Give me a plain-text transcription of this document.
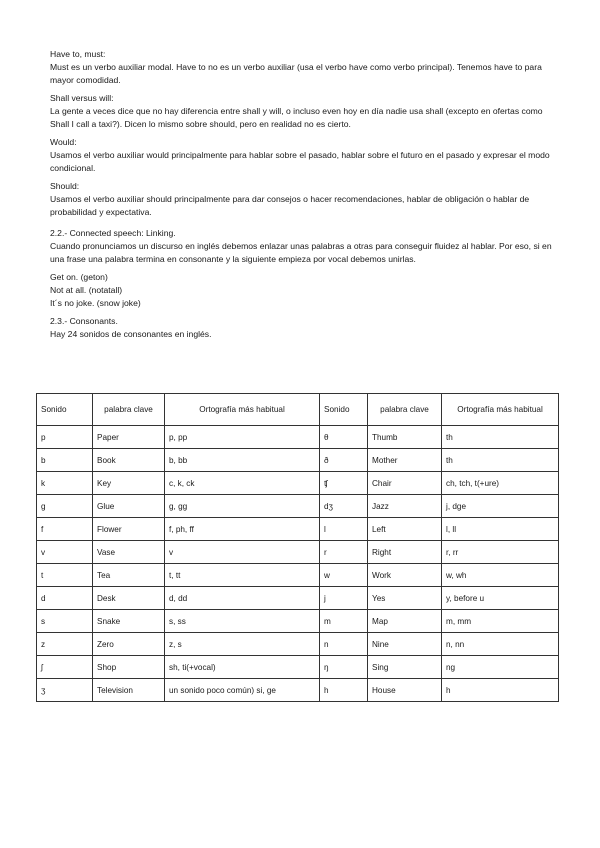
Have to, must:

Must es un verbo auxiliar modal. Have to no es un verbo auxiliar (usa el verbo have como verbo principal). Tenemos have to para mayor comodidad.

Shall versus will:

La gente a veces dice que no hay diferencia entre shall y will, o incluso even hoy en día nadie usa shall (excepto en ofertas como Shall I call a taxi?). Dicen lo mismo sobre should, pero en realidad no es cierto.

Would:

Usamos el verbo auxiliar would principalmente para hablar sobre el pasado, hablar sobre el futuro en el pasado y expresar el modo condicional.

Should:

Usamos el verbo auxiliar should principalmente para dar consejos o hacer recomendaciones, hablar de obligación o hablar de probabilidad y expectativa.

2.2.- Connected speech: Linking.

Cuando pronunciamos un discurso en inglés debemos enlazar unas palabras a otras para conseguir fluidez al hablar. Por eso, si en una frase una palabra termina en consonante y la siguiente empieza por vocal debemos unirlas.

Get on. (geton)

Not at all. (notatall)

It´s no joke. (snow joke)

2.3.- Consonants.

Hay 24 sonidos de consonantes en inglés.

Sonido	palabra clave	Ortografía más habitual	Sonido	palabra clave	Ortografía más habitual
p	Paper	p, pp	θ	Thumb	th
b	Book	b, bb	ð	Mother	th
k	Key	c, k, ck	ʧ	Chair	ch, tch, t(+ure)
g	Glue	g, gg	dʒ	Jazz	j, dge
f	Flower	f, ph, ff	l	Left	l, ll
v	Vase	v	r	Right	r, rr
t	Tea	t, tt	w	Work	w, wh
d	Desk	d, dd	j	Yes	y, before u
s	Snake	s, ss	m	Map	m, mm
z	Zero	z, s	n	Nine	n, nn
ʃ	Shop	sh, ti(+vocal)	ŋ	Sing	ng
ʒ	Television	un sonido poco común) si, ge	h	House	h
